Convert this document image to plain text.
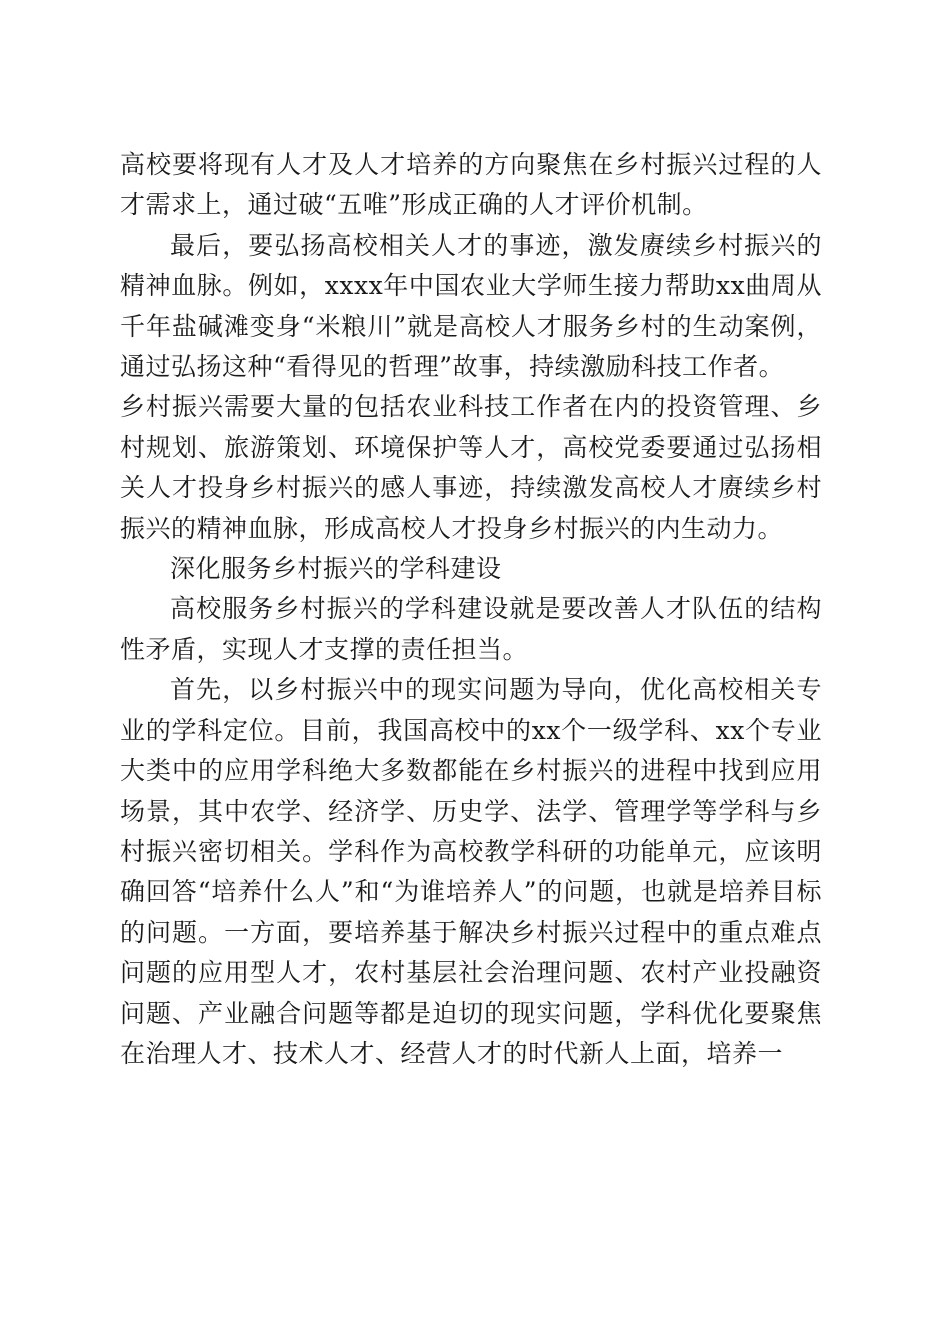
高校要将现有人才及人才培养的方向聚焦在乡村振兴过程的人才需求上，通过破“五唯”形成正确的人才评价机制。

最后，要弘扬高校相关人才的事迹，激发赓续乡村振兴的精神血脉。例如，xxxx年中国农业大学师生接力帮助xx曲周从千年盐碱滩变身“米粮川”就是高校人才服务乡村的生动案例，通过弘扬这种“看得见的哲理”故事，持续激励科技工作者。

乡村振兴需要大量的包括农业科技工作者在内的投资管理、乡村规划、旅游策划、环境保护等人才，高校党委要通过弘扬相关人才投身乡村振兴的感人事迹，持续激发高校人才赓续乡村振兴的精神血脉，形成高校人才投身乡村振兴的内生动力。

深化服务乡村振兴的学科建设

高校服务乡村振兴的学科建设就是要改善人才队伍的结构性矛盾，实现人才支撑的责任担当。

首先，以乡村振兴中的现实问题为导向，优化高校相关专业的学科定位。目前，我国高校中的xx个一级学科、xx个专业大类中的应用学科绝大多数都能在乡村振兴的进程中找到应用场景，其中农学、经济学、历史学、法学、管理学等学科与乡村振兴密切相关。学科作为高校教学科研的功能单元，应该明确回答“培养什么人”和“为谁培养人”的问题，也就是培养目标的问题。一方面，要培养基于解决乡村振兴过程中的重点难点问题的应用型人才，农村基层社会治理问题、农村产业投融资问题、产业融合问题等都是迫切的现实问题，学科优化要聚焦在治理人才、技术人才、经营人才的时代新人上面，培养一
